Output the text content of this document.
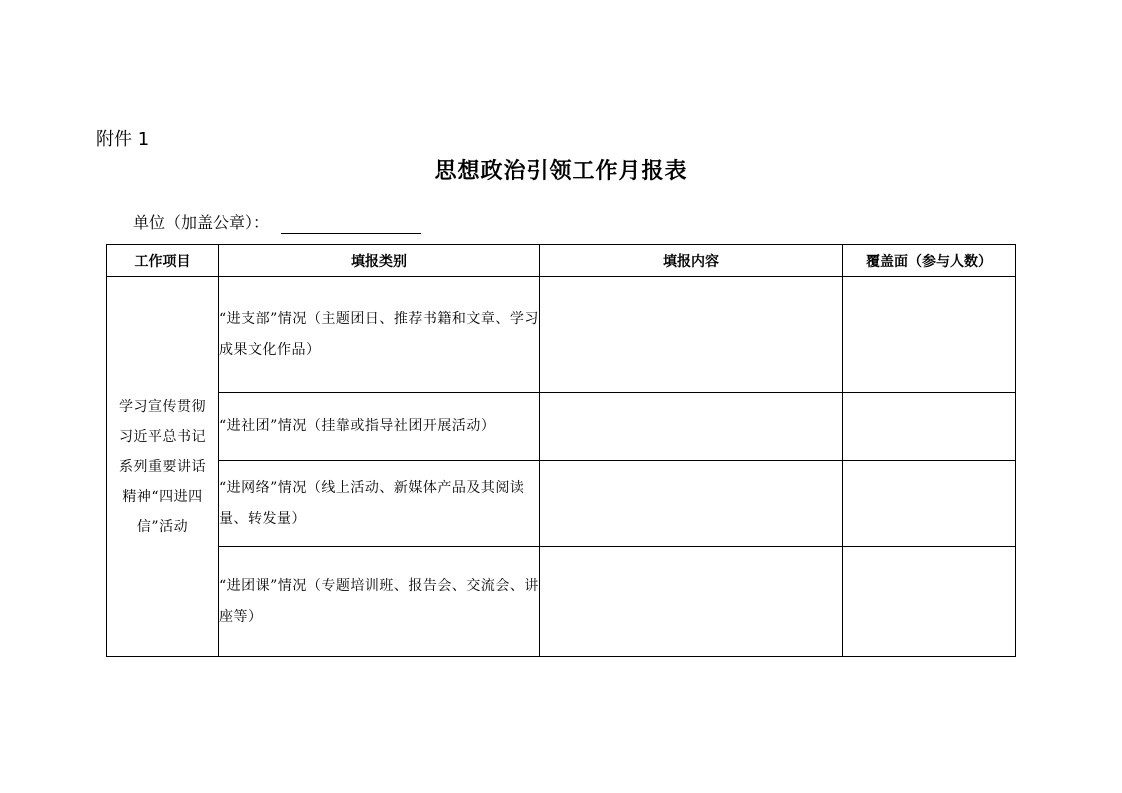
附件 1
思想政治引领工作月报表
单位（加盖公章）：
工作项目	填报类别	填报内容	覆盖面（参与人数）

学习宣传贯彻习近平总书记系列重要讲话精神“四进四信”活动	“进支部”情况（主题团日、推荐书籍和文章、学习成果文化作品）		
	“进社团”情况（挂靠或指导社团开展活动）		
	“进网络”情况（线上活动、新媒体产品及其阅读量、转发量）		
	“进团课”情况（专题培训班、报告会、交流会、讲座等）		
